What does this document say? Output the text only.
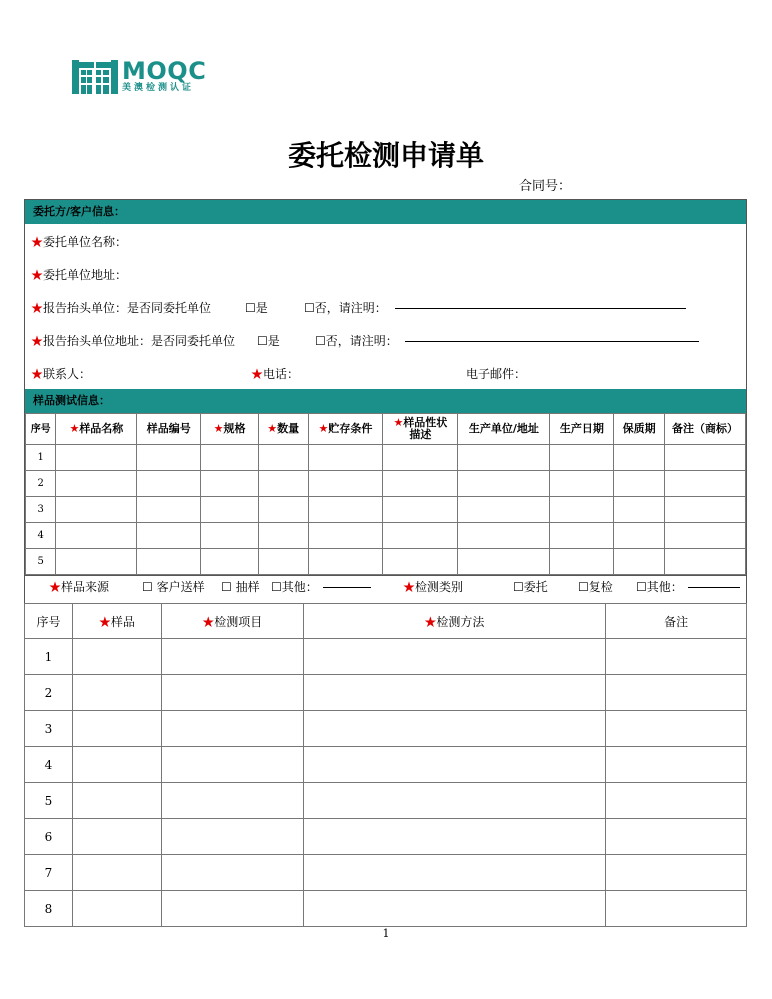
MOQC
美澳检测认证
委托检测申请单
合同号：
委托方/客户信息：
★委托单位名称：
★委托单位地址：
★报告抬头单位：是否同委托单位	☐是	☐否，请注明：
★报告抬头单位地址：是否同委托单位 ☐是	☐否，请注明：
★联系人：	★电话：	电子邮件：
样品测试信息：
序号	★样品名称	样品编号	★规格	★数量	★贮存条件	★样品性状描述	生产单位/地址	生产日期	保质期	备注（商标）
1										
2										
3										
4										
5										
★样品来源	☐ 客户送样 ☐ 抽样 ☐其他：	★检测类别	☐委托	☐复检 ☐其他：
序号	★样品	★检测项目	★检测方法	备注
1				
2				
3				
4				
5				
6				
7				
8				
1
